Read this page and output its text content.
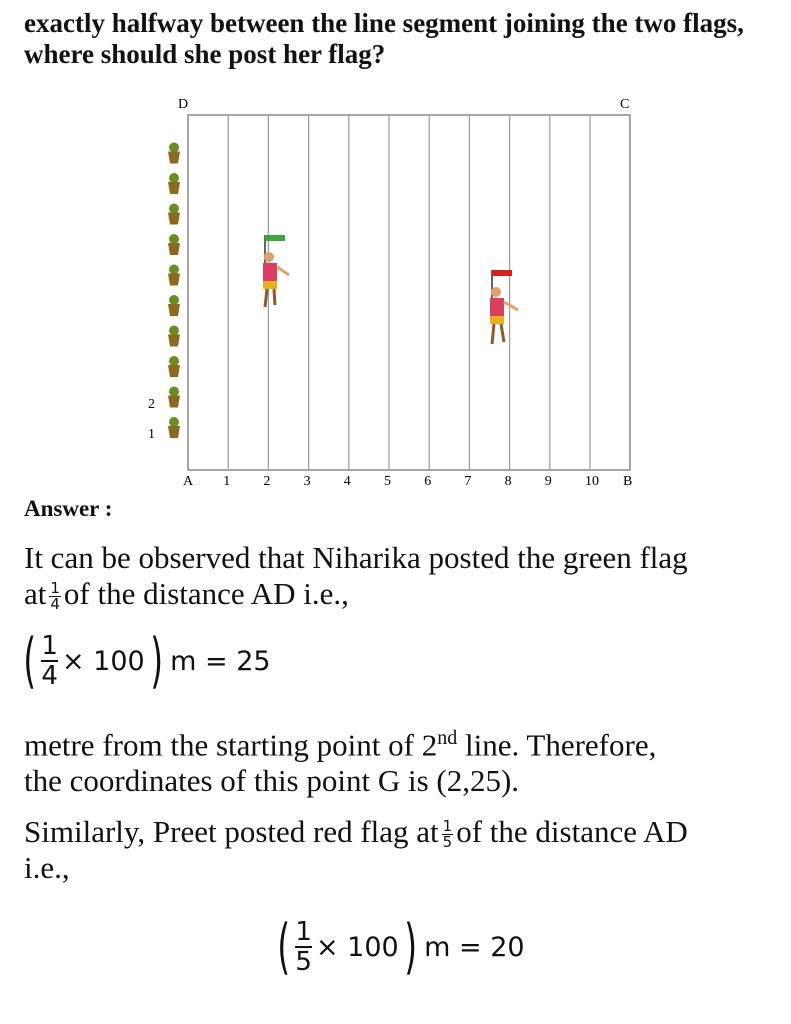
exactly halfway between the line segment joining the two flags, where should she post her flag?
D	C
A 1 2 3 4 5 6 7 8 9 10 B
2
1
Answer :
It can be observed that Niharika posted the green flag
at $\frac{1}{4}$ of the distance AD i.e.,
( $\frac{1}{4} \times 100$ ) m = 25
metre from the starting point of 2nd line. Therefore,
the coordinates of this point G is (2,25).
Similarly, Preet posted red flag at $\frac{1}{5}$ of the distance AD
i.e.,
( $\frac{1}{5} \times 100$ ) m = 20
